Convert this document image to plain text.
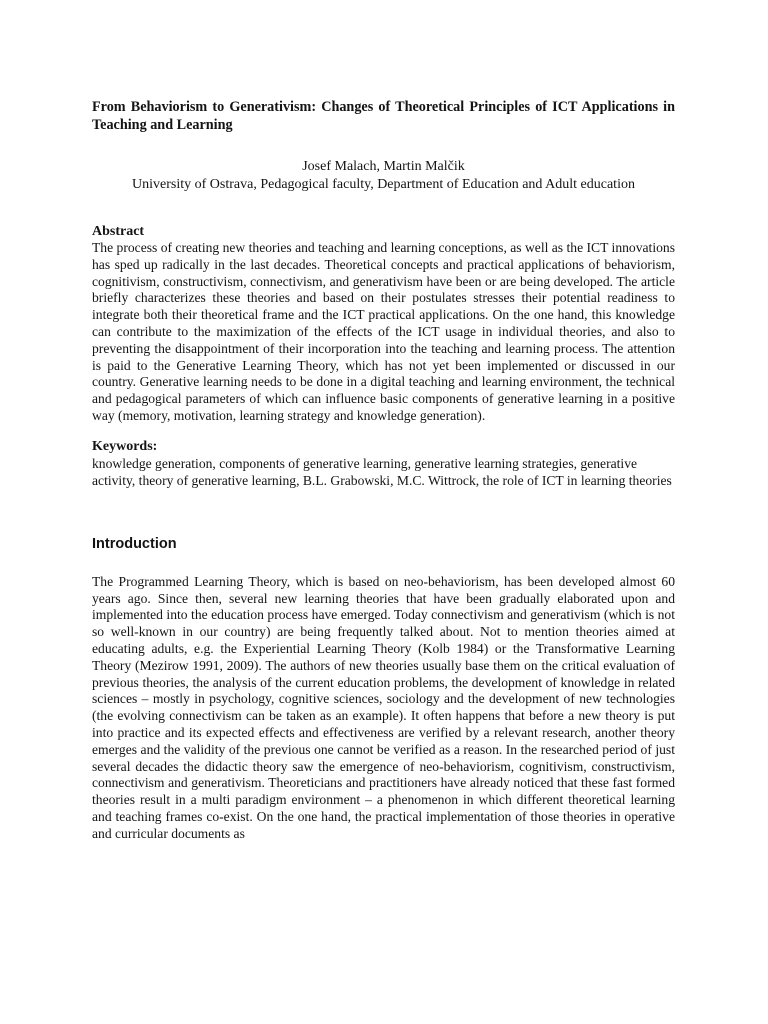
From Behaviorism to Generativism: Changes of Theoretical Principles of ICT Applications in Teaching and Learning
Josef Malach, Martin Malčik
University of Ostrava, Pedagogical faculty, Department of Education and Adult education
Abstract

The process of creating new theories and teaching and learning conceptions, as well as the ICT innovations has sped up radically in the last decades. Theoretical concepts and practical applications of behaviorism, cognitivism, constructivism, connectivism, and generativism have been or are being developed. The article briefly characterizes these theories and based on their postulates stresses their potential readiness to integrate both their theoretical frame and the ICT practical applications. On the one hand, this knowledge can contribute to the maximization of the effects of the ICT usage in individual theories, and also to preventing the disappointment of their incorporation into the teaching and learning process. The attention is paid to the Generative Learning Theory, which has not yet been implemented or discussed in our country. Generative learning needs to be done in a digital teaching and learning environment, the technical and pedagogical parameters of which can influence basic components of generative learning in a positive way (memory, motivation, learning strategy and knowledge generation).

Keywords:

knowledge generation, components of generative learning, generative learning strategies, generative activity, theory of generative learning, B.L. Grabowski, M.C. Wittrock, the role of ICT in learning theories

Introduction

The Programmed Learning Theory, which is based on neo-behaviorism, has been developed almost 60 years ago. Since then, several new learning theories that have been gradually elaborated upon and implemented into the education process have emerged. Today connectivism and generativism (which is not so well-known in our country) are being frequently talked about. Not to mention theories aimed at educating adults, e.g. the Experiential Learning Theory (Kolb 1984) or the Transformative Learning Theory (Mezirow 1991, 2009). The authors of new theories usually base them on the critical evaluation of previous theories, the analysis of the current education problems, the development of knowledge in related sciences – mostly in psychology, cognitive sciences, sociology and the development of new technologies (the evolving connectivism can be taken as an example). It often happens that before a new theory is put into practice and its expected effects and effectiveness are verified by a relevant research, another theory emerges and the validity of the previous one cannot be verified as a reason. In the researched period of just several decades the didactic theory saw the emergence of neo-behaviorism, cognitivism, constructivism, connectivism and generativism. Theoreticians and practitioners have already noticed that these fast formed theories result in a multi paradigm environment – a phenomenon in which different theoretical learning and teaching frames co-exist. On the one hand, the practical implementation of those theories in operative and curricular documents as
